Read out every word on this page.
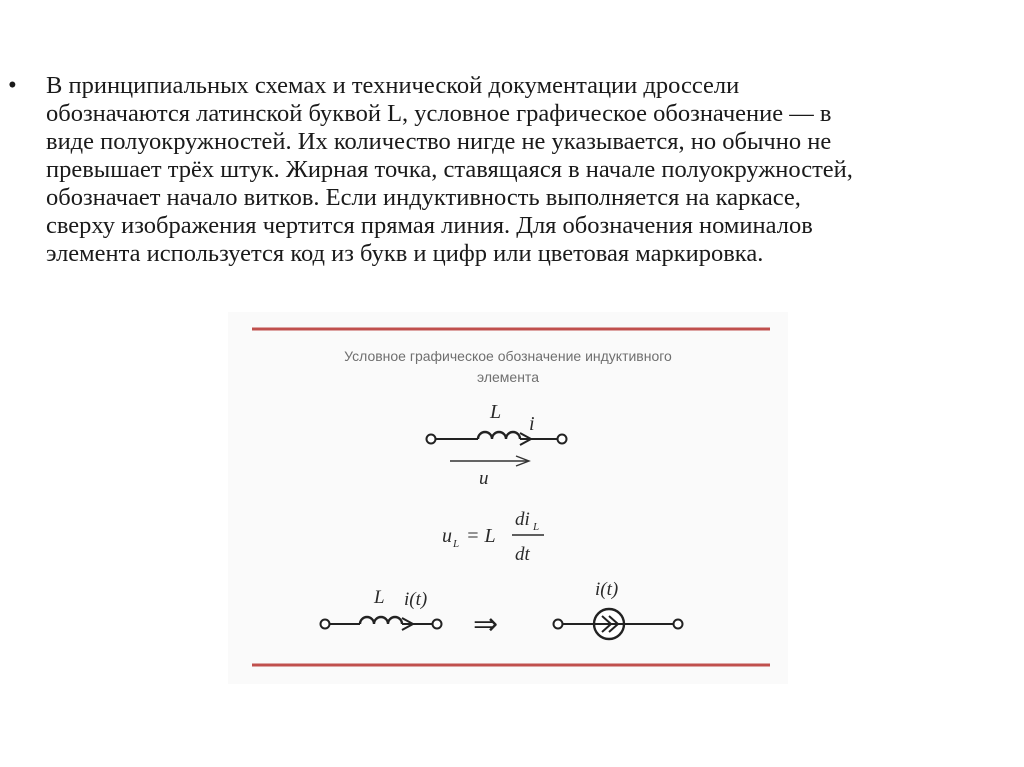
• В принципиальных схемах и технической документации дроссели
обозначаются латинской буквой L, условное графическое обозначение — в
виде полуокружностей. Их количество нигде не указывается, но обычно не
превышает трёх штук. Жирная точка, ставящаяся в начале полуокружностей,
обозначает начало витков. Если индуктивность выполняется на каркасе,
сверху изображения чертится прямая линия. Для обозначения номиналов
элемента используется код из букв и цифр или цветовая маркировка.
Условное графическое обозначение индуктивного
элемента
L
i
u
u L = L
di L
dt
L i(t)
⇒
i(t)
